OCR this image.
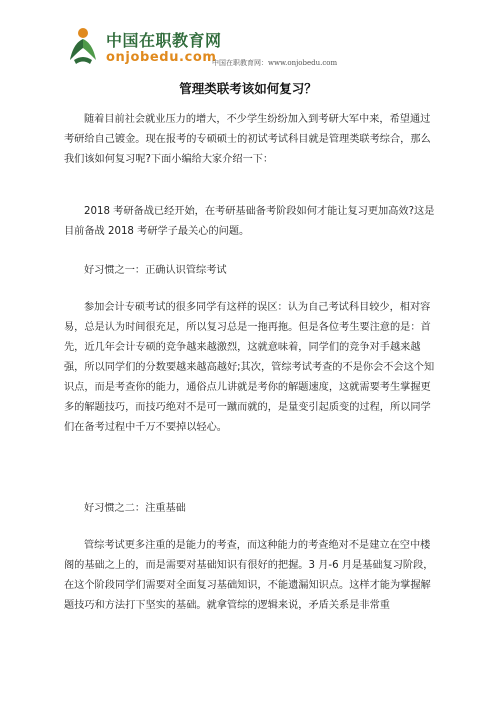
中国在职教育网
onjobedu.com
中国在职教育网：www.onjobedu.com
管理类联考该如何复习？

随着目前社会就业压力的增大，不少学生纷纷加入到考研大军中来，希望通过考研给自己镀金。现在报考的专硕硕士的初试考试科目就是管理类联考综合，那么我们该如何复习呢?下面小编给大家介绍一下：

2018 考研备战已经开始，在考研基础备考阶段如何才能让复习更加高效?这是目前备战 2018 考研学子最关心的问题。

好习惯之一：正确认识管综考试

参加会计专硕考试的很多同学有这样的误区：认为自己考试科目较少，相对容易，总是认为时间很充足，所以复习总是一拖再拖。但是各位考生要注意的是：首先，近几年会计专硕的竞争越来越激烈，这就意味着，同学们的竞争对手越来越强，所以同学们的分数要越来越高越好;其次，管综考试考查的不是你会不会这个知识点，而是考查你的能力，通俗点儿讲就是考你的解题速度，这就需要考生掌握更多的解题技巧，而技巧绝对不是可一蹴而就的，是量变引起质变的过程，所以同学们在备考过程中千万不要掉以轻心。

好习惯之二：注重基础

管综考试更多注重的是能力的考查，而这种能力的考查绝对不是建立在空中楼阁的基础之上的，而是需要对基础知识有很好的把握。3 月-6 月是基础复习阶段，在这个阶段同学们需要对全面复习基础知识，不能遗漏知识点。这样才能为掌握解题技巧和方法打下坚实的基础。就拿管综的逻辑来说，矛盾关系是非常重
